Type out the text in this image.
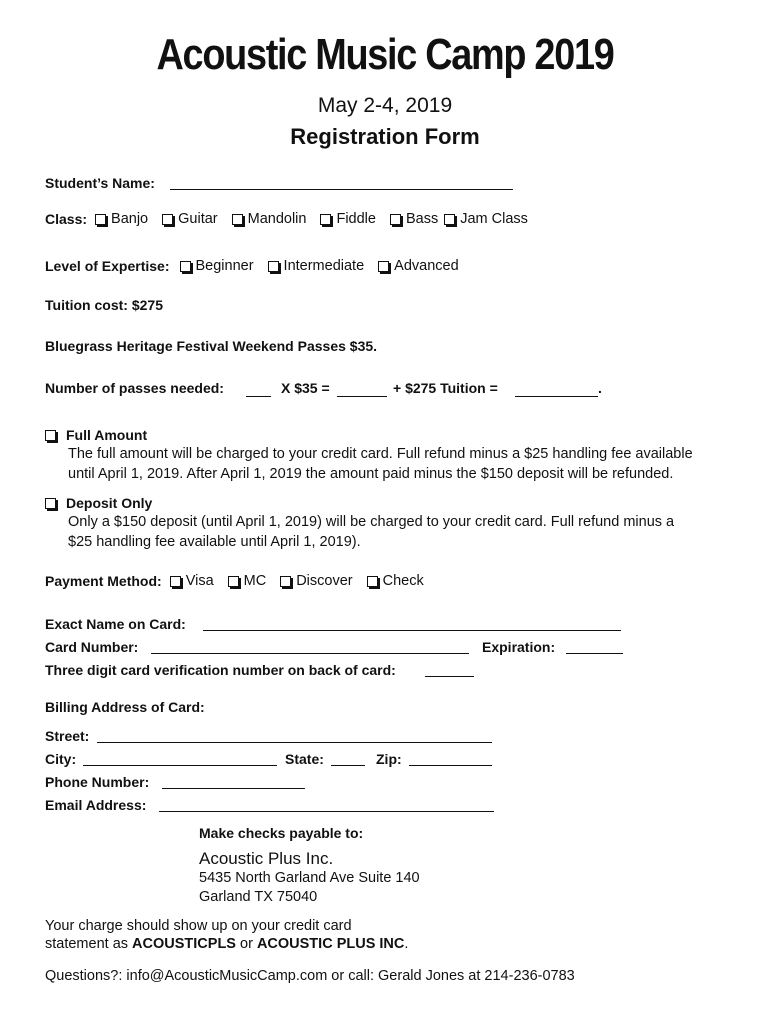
Acoustic Music Camp 2019
May 2-4, 2019
Registration Form
Student’s Name:
Class: Banjo Guitar Mandolin Fiddle Bass Jam Class
Level of Expertise: Beginner Intermediate Advanced
Tuition cost: $275
Bluegrass Heritage Festival Weekend Passes $35.
Number of passes needed:	X $35 =	+ $275 Tuition =	.
Full Amount
The full amount will be charged to your credit card. Full refund minus a $25 handling fee available
until April 1, 2019. After April 1, 2019 the amount paid minus the $150 deposit will be refunded.
Deposit Only
Only a $150 deposit (until April 1, 2019) will be charged to your credit card. Full refund minus a
$25 handling fee available until April 1, 2019).
Payment Method: Visa MC Discover Check
Exact Name on Card:
Card Number:	Expiration:
Three digit card verification number on back of card:
Billing Address of Card:
Street:
City:	State:	Zip:
Phone Number:
Email Address:
Make checks payable to:
Acoustic Plus Inc.
5435 North Garland Ave Suite 140
Garland TX 75040
Your charge should show up on your credit card
statement as ACOUSTICPLS or ACOUSTIC PLUS INC.
Questions?: info@AcousticMusicCamp.com or call: Gerald Jones at 214-236-0783
